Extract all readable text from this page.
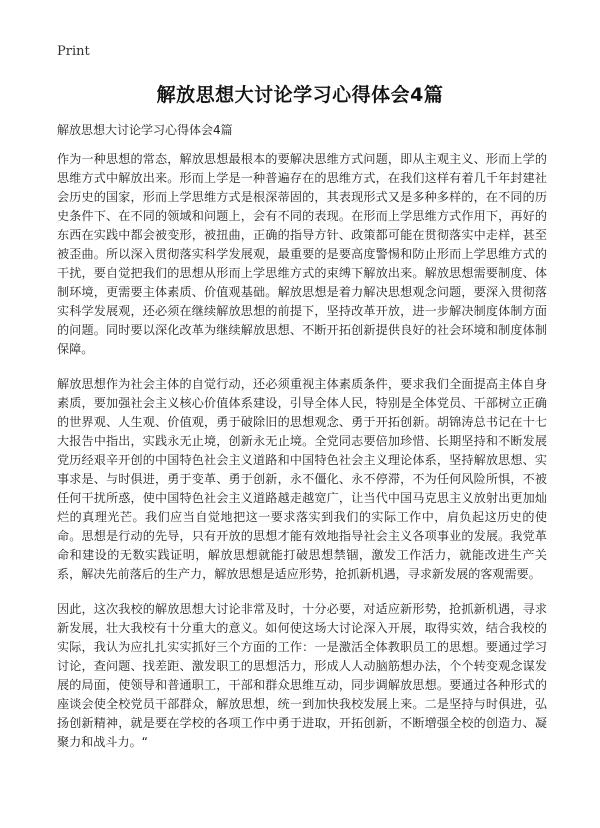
Print
解放思想大讨论学习心得体会4篇
解放思想大讨论学习心得体会4篇

作为一种思想的常态，解放思想最根本的要解决思维方式问题，即从主观主义、形而上学的思维方式中解放出来。形而上学是一种普遍存在的思维方式，在我们这样有着几千年封建社会历史的国家，形而上学思维方式是根深蒂固的，其表现形式又是多种多样的，在不同的历史条件下、在不同的领域和问题上，会有不同的表现。在形而上学思维方式作用下，再好的东西在实践中都会被变形，被扭曲，正确的指导方针、政策都可能在贯彻落实中走样，甚至被歪曲。所以深入贯彻落实科学发展观，最重要的是要高度警惕和防止形而上学思维方式的干扰，要自觉把我们的思想从形而上学思维方式的束缚下解放出来。解放思想需要制度、体制环境，更需要主体素质、价值观基础。解放思想是着力解决思想观念问题，要深入贯彻落实科学发展观，还必须在继续解放思想的前提下，坚持改革开放，进一步解决制度体制方面的问题。同时要以深化改革为继续解放思想、不断开拓创新提供良好的社会环境和制度体制保障。

解放思想作为社会主体的自觉行动，还必须重视主体素质条件，要求我们全面提高主体自身素质，要加强社会主义核心价值体系建设，引导全体人民，特别是全体党员、干部树立正确的世界观、人生观、价值观，勇于破除旧的思想观念、勇于开拓创新。胡锦涛总书记在十七大报告中指出，实践永无止境，创新永无止境。全党同志要倍加珍惜、长期坚持和不断发展党历经艰辛开创的中国特色社会主义道路和中国特色社会主义理论体系，坚持解放思想、实事求是、与时俱进，勇于变革、勇于创新，永不僵化、永不停滞，不为任何风险所惧，不被任何干扰所惑，使中国特色社会主义道路越走越宽广，让当代中国马克思主义放射出更加灿烂的真理光芒。我们应当自觉地把这一要求落实到我们的实际工作中，肩负起这历史的使命。思想是行动的先导，只有开放的思想才能有效地指导社会主义各项事业的发展。我党革命和建设的无数实践证明，解放思想就能打破思想禁锢，激发工作活力，就能改进生产关系，解决先前落后的生产力，解放思想是适应形势，抢抓新机遇，寻求新发展的客观需要。

因此，这次我校的解放思想大讨论非常及时，十分必要，对适应新形势，抢抓新机遇，寻求新发展，壮大我校有十分重大的意义。如何使这场大讨论深入开展，取得实效，结合我校的实际，我认为应扎扎实实抓好三个方面的工作：一是激活全体教职员工的思想。要通过学习讨论，查问题、找差距、激发职工的思想活力，形成人人动脑筋想办法，个个转变观念谋发展的局面，使领导和普通职工，干部和群众思维互动，同步调解放思想。要通过各种形式的座谈会使全校党员干部群众，解放思想，统一到加快我校发展上来。二是坚持与时俱进，弘扬创新精神，就是要在学校的各项工作中勇于进取，开拓创新，不断增强全校的创造力、凝聚力和战斗力。“
